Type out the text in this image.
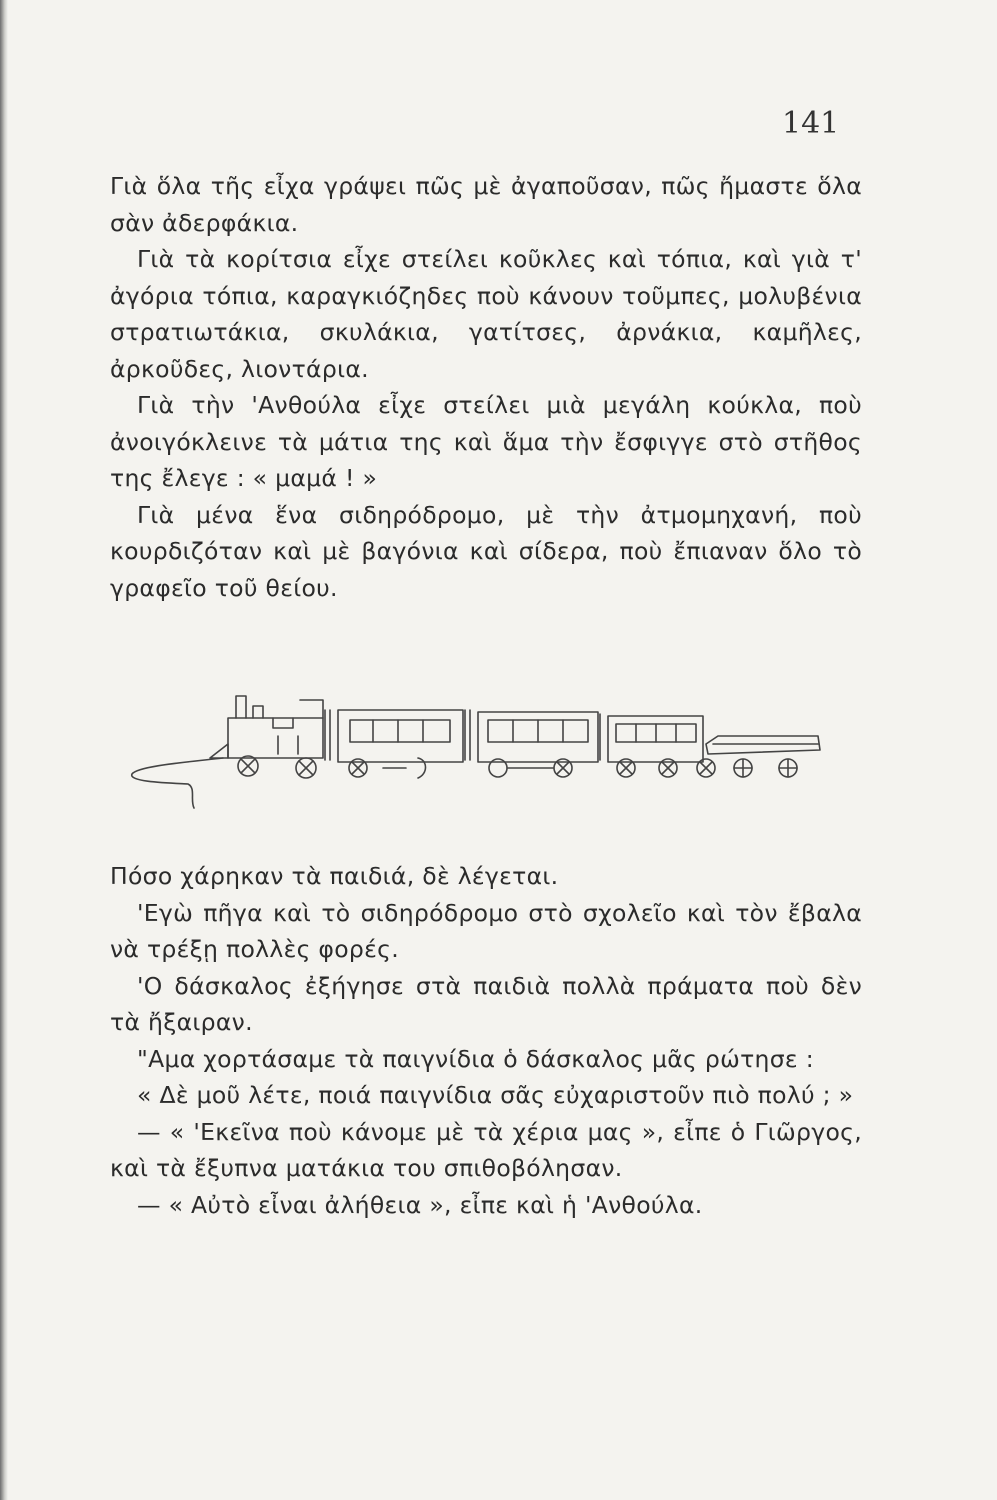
141

Γιὰ ὅλα τῆς εἶχα γράψει πῶς μὲ ἀγαποῦσαν, πῶς ἤμαστε ὅλα σὰν ἀδερφάκια.

Γιὰ τὰ κορίτσια εἶχε στείλει κοῦκλες καὶ τόπια, καὶ γιὰ τ' ἀγόρια τόπια, καραγκιόζηδες ποὺ κάνουν τοῦμπες, μολυβένια στρατιωτάκια, σκυλάκια, γατίτσες, ἀρνάκια, καμῆλες, ἀρκοῦδες, λιοντάρια.

Γιὰ τὴν 'Ανθούλα εἶχε στείλει μιὰ μεγάλη κούκλα, ποὺ ἀνοιγόκλεινε τὰ μάτια της καὶ ἅμα τὴν ἔσφιγγε στὸ στῆθος της ἔλεγε : « μαμά ! »

Γιὰ μένα ἕνα σιδηρόδρομο, μὲ τὴν ἀτμομηχανή, ποὺ κουρδιζόταν καὶ μὲ βαγόνια καὶ σίδερα, ποὺ ἔπιαναν ὅλο τὸ γραφεῖο τοῦ θείου.

Πόσο χάρηκαν τὰ παιδιά, δὲ λέγεται.

'Εγὼ πῆγα καὶ τὸ σιδηρόδρομο στὸ σχολεῖο καὶ τὸν ἔβαλα νὰ τρέξῃ πολλὲς φορές.

'Ο δάσκαλος ἐξήγησε στὰ παιδιὰ πολλὰ πράματα ποὺ δὲν τὰ ἤξαιραν.

"Αμα χορτάσαμε τὰ παιγνίδια ὁ δάσκαλος μᾶς ρώτησε :

« Δὲ μοῦ λέτε, ποιά παιγνίδια σᾶς εὐχαριστοῦν πιὸ πολύ ; »

— « 'Εκεῖνα ποὺ κάνομε μὲ τὰ χέρια μας », εἶπε ὁ Γιῶργος, καὶ τὰ ἔξυπνα ματάκια του σπιθοβόλησαν.

— « Αὐτὸ εἶναι ἀλήθεια », εἶπε καὶ ἡ 'Ανθούλα.
